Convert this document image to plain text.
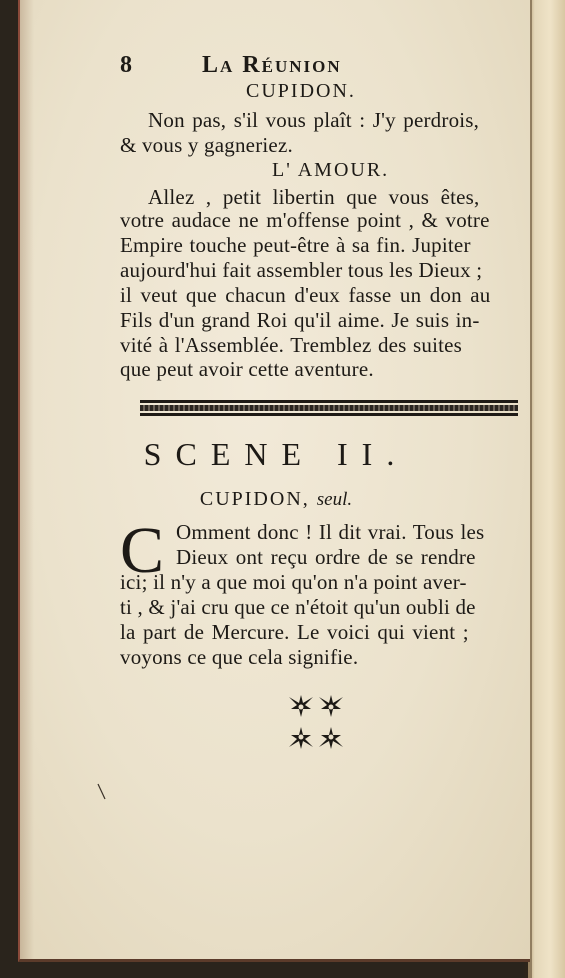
8	La Réunion
CUPIDON.
Non pas, s'il vous plaît : J'y perdrois,
& vous y gagneriez.
L' AMOUR.
Allez , petit libertin que vous êtes,
votre audace ne m'offense point , & votre
Empire touche peut-être à sa fin. Jupiter
aujourd'hui fait assembler tous les Dieux ;
il veut que chacun d'eux fasse un don au
Fils d'un grand Roi qu'il aime. Je suis in-
vité à l'Assemblée. Tremblez des suites
que peut avoir cette aventure.
SCENE II.
CUPIDON, seul.
C Omment donc ! Il dit vrai. Tous les
Dieux ont reçu ordre de se rendre
ici; il n'y a que moi qu'on n'a point aver-
ti , & j'ai cru que ce n'étoit qu'un oubli de
la part de Mercure. Le voici qui vient ;
voyons ce que cela signifie.
